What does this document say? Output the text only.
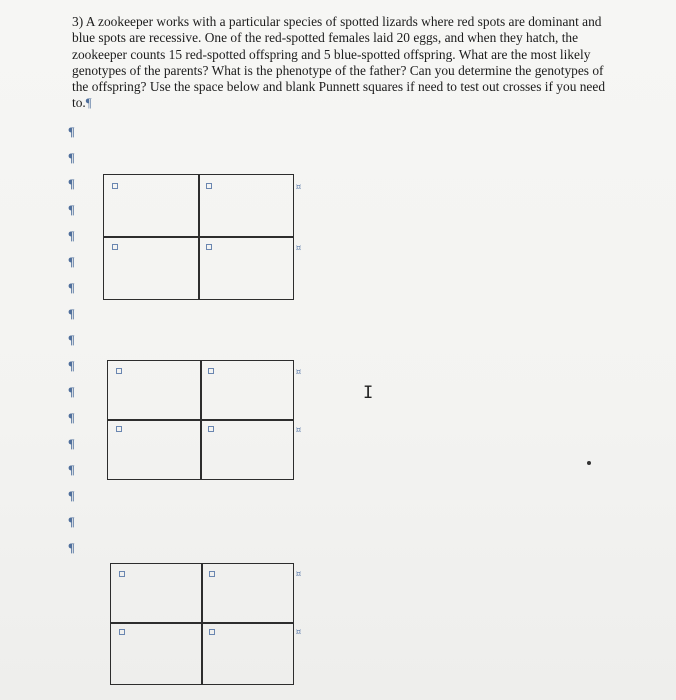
3) A zookeeper works with a particular species of spotted lizards where red spots are dominant and blue spots are recessive. One of the red-spotted females laid 20 eggs, and when they hatch, the zookeeper counts 15 red-spotted offspring and 5 blue-spotted offspring. What are the most likely genotypes of the parents? What is the phenotype of the father? Can you determine the genotypes of the offspring? Use the space below and blank Punnett squares if need to test out crosses if you need to.¶

¶
¶
¶
¶
¶
¶
¶
¶
¶
¶
¶
¶
¶
¶
¶
¶
¶
¤
¤
¤
¤
¤
¤
I
